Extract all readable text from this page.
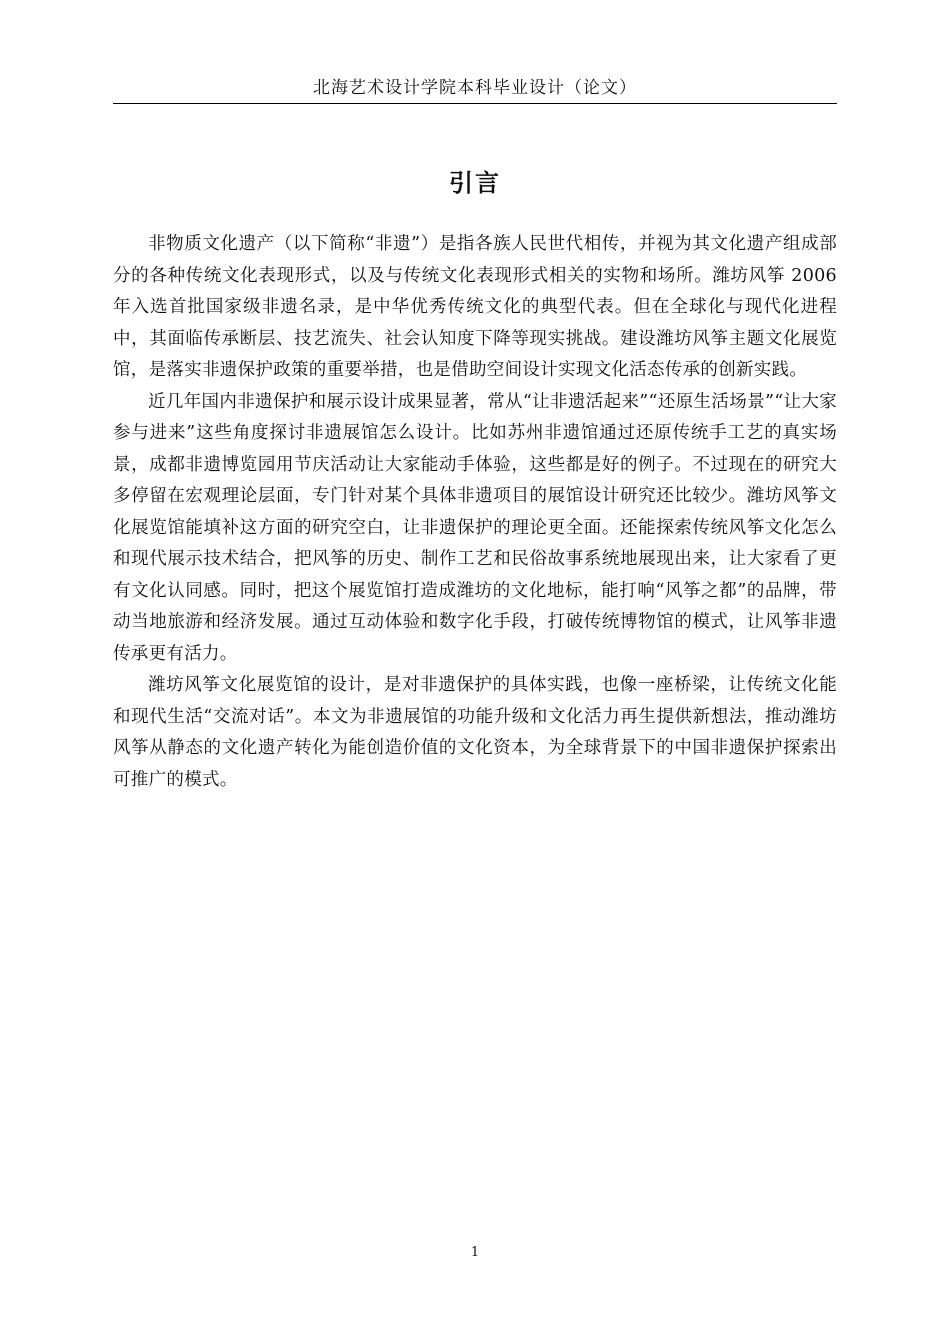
北海艺术设计学院本科毕业设计（论文）
引言

非物质文化遗产（以下简称“非遗”）是指各族人民世代相传，并视为其文化遗产组成部分的各种传统文化表现形式，以及与传统文化表现形式相关的实物和场所。潍坊风筝 2006 年入选首批国家级非遗名录，是中华优秀传统文化的典型代表。但在全球化与现代化进程中，其面临传承断层、技艺流失、社会认知度下降等现实挑战。建设潍坊风筝主题文化展览馆，是落实非遗保护政策的重要举措，也是借助空间设计实现文化活态传承的创新实践。

近几年国内非遗保护和展示设计成果显著，常从“让非遗活起来”“还原生活场景”“让大家参与进来”这些角度探讨非遗展馆怎么设计。比如苏州非遗馆通过还原传统手工艺的真实场景，成都非遗博览园用节庆活动让大家能动手体验，这些都是好的例子。不过现在的研究大多停留在宏观理论层面，专门针对某个具体非遗项目的展馆设计研究还比较少。潍坊风筝文化展览馆能填补这方面的研究空白，让非遗保护的理论更全面。还能探索传统风筝文化怎么和现代展示技术结合，把风筝的历史、制作工艺和民俗故事系统地展现出来，让大家看了更有文化认同感。同时，把这个展览馆打造成潍坊的文化地标，能打响“风筝之都”的品牌，带动当地旅游和经济发展。通过互动体验和数字化手段，打破传统博物馆的模式，让风筝非遗传承更有活力。

潍坊风筝文化展览馆的设计，是对非遗保护的具体实践，也像一座桥梁，让传统文化能和现代生活“交流对话”。本文为非遗展馆的功能升级和文化活力再生提供新想法，推动潍坊风筝从静态的文化遗产转化为能创造价值的文化资本，为全球背景下的中国非遗保护探索出可推广的模式。

1
